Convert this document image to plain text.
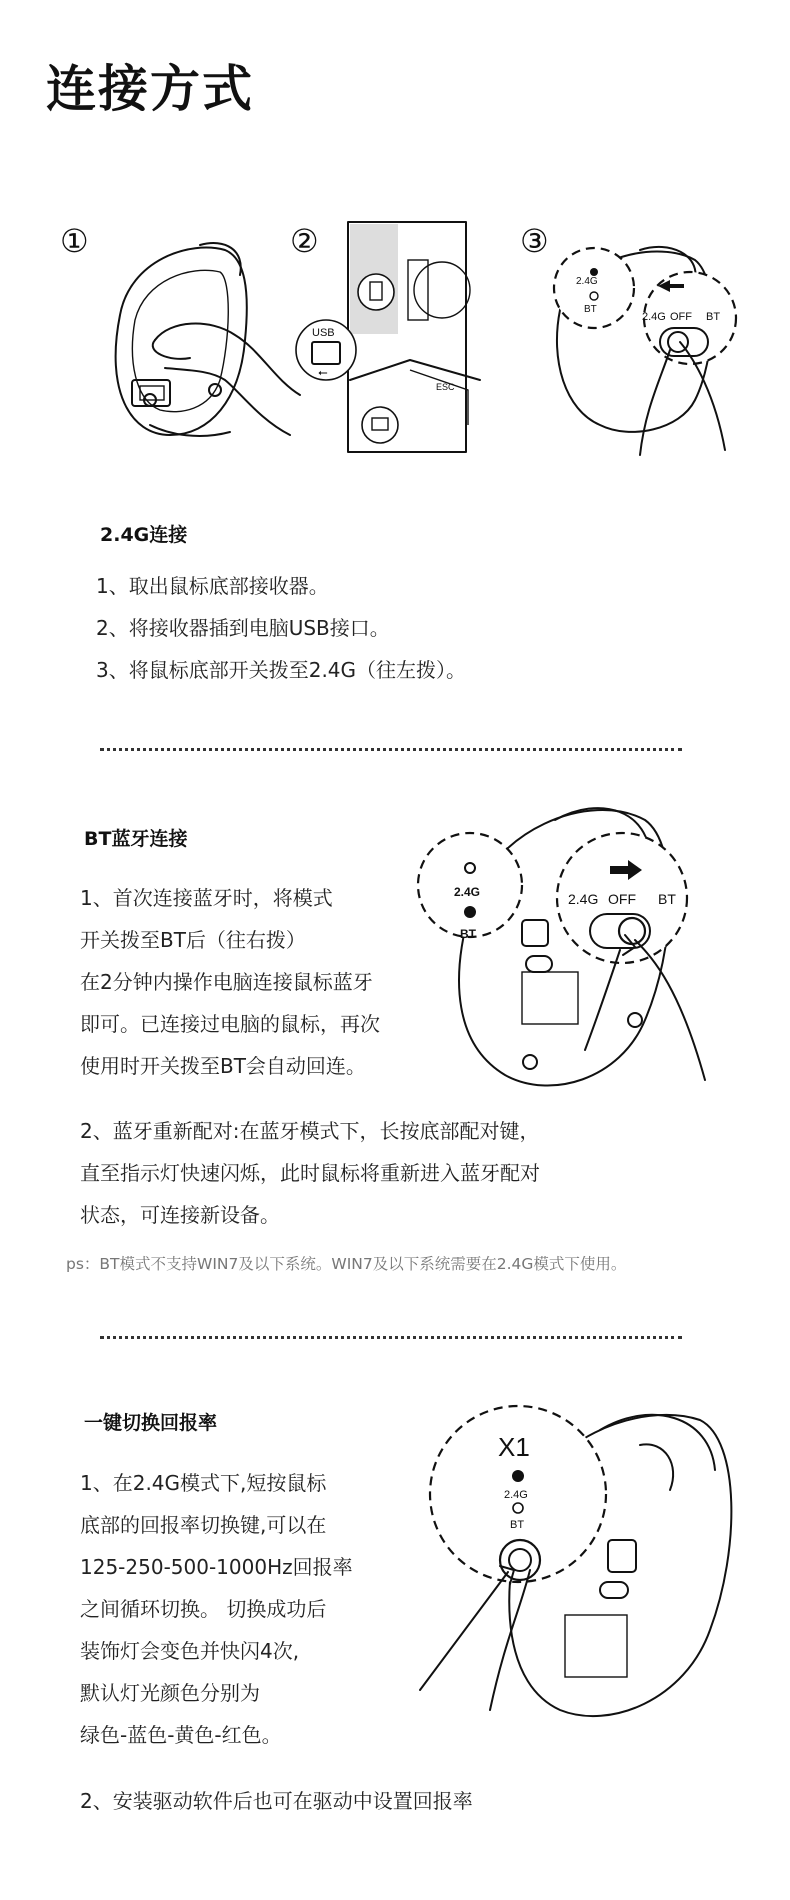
连接方式
①	②
USB
⭠
ESC
③
2.4G
BT
2.4G OFF BT
2.4G连接
1、取出鼠标底部接收器。
2、将接收器插到电脑USB接口。
3、将鼠标底部开关拨至2.4G（往左拨）。
BT蓝牙连接
1、首次连接蓝牙时，将模式
开关拨至BT后（往右拨）
在2分钟内操作电脑连接鼠标蓝牙
即可。已连接过电脑的鼠标，再次
使用时开关拨至BT会自动回连。
2.4G
BT
2.4G OFF BT
2、蓝牙重新配对:在蓝牙模式下，长按底部配对键，
直至指示灯快速闪烁，此时鼠标将重新进入蓝牙配对
状态，可连接新设备。
ps：BT模式不支持WIN7及以下系统。WIN7及以下系统需要在2.4G模式下使用。
一键切换回报率
1、在2.4G模式下,短按鼠标
底部的回报率切换键,可以在
125-250-500-1000Hz回报率
之间循环切换。 切换成功后
装饰灯会变色并快闪4次,
默认灯光颜色分别为
绿色-蓝色-黄色-红色。
X1
2.4G
BT
2、安装驱动软件后也可在驱动中设置回报率
